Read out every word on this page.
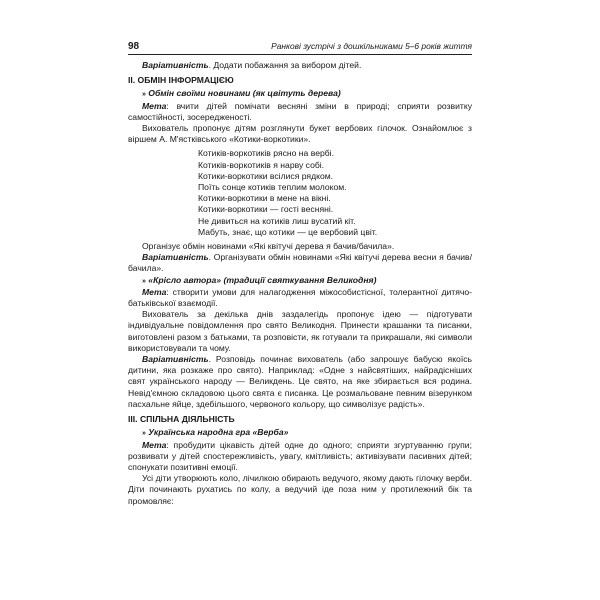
98	Ранкові зустрічі з дошкільниками 5–6 років життя

Варіативність. Додати побажання за вибором дітей.

II. ОБМІН ІНФОРМАЦІЄЮ

» Обмін своїми новинами (як цвітуть дерева)

Мета: вчити дітей помічати весняні зміни в природі; сприяти розвитку самостійності, зосередженості.

Вихователь пропонує дітям розглянути букет вербових гілочок. Ознайомлює з віршем А. М'ястківського «Котики-воркотики».

Котиків-воркотиків рясно на вербі.
Котиків-воркотиків я нарву собі.
Котики-воркотики всілися рядком.
Поїть сонце котиків теплим молоком.
Котики-воркотики в мене на вікні.
Котики-воркотики — гості весняні.
Не дивиться на котиків лиш вусатий кіт.
Мабуть, знає, що котики — це вербовий цвіт.

Організує обмін новинами «Які квітучі дерева я бачив/бачила».

Варіативність. Організувати обмін новинами «Які квітучі дерева весни я бачив/бачила».

» «Крісло автора» (традиції святкування Великодня)

Мета: створити умови для налагодження міжособистісної, толерантної дитячо-батьківської взаємодії.

Вихователь за декілька днів заздалегідь пропонує ідею — підготувати індивідуальне повідомлення про свято Великодня. Принести крашанки та писанки, виготовлені разом з батьками, та розповісти, як готували та прикрашали, які символи використовували та чому.

Варіативність. Розповідь починає вихователь (або запрошує бабусю якоїсь дитини, яка розкаже про свято). Наприклад: «Одне з найсвятіших, найрадісніших свят українського народу — Великдень. Це свято, на яке збирається вся родина. Невід'ємною складовою цього свята є писанка. Це розмальоване певним візерунком пасхальне яйце, здебільшого, червоного кольору, що символізує радість».

III. СПІЛЬНА ДІЯЛЬНІСТЬ

» Українська народна гра «Верба»

Мета: пробудити цікавість дітей одне до одного; сприяти згуртуванню групи; розвивати у дітей спостережливість, увагу, кмітливість; активізувати пасивних дітей; спонукати позитивні емоції.

Усі діти утворюють коло, лічилкою обирають ведучого, якому дають гілочку верби. Діти починають рухатись по колу, а ведучий іде поза ним у протилежний бік та промовляє:
